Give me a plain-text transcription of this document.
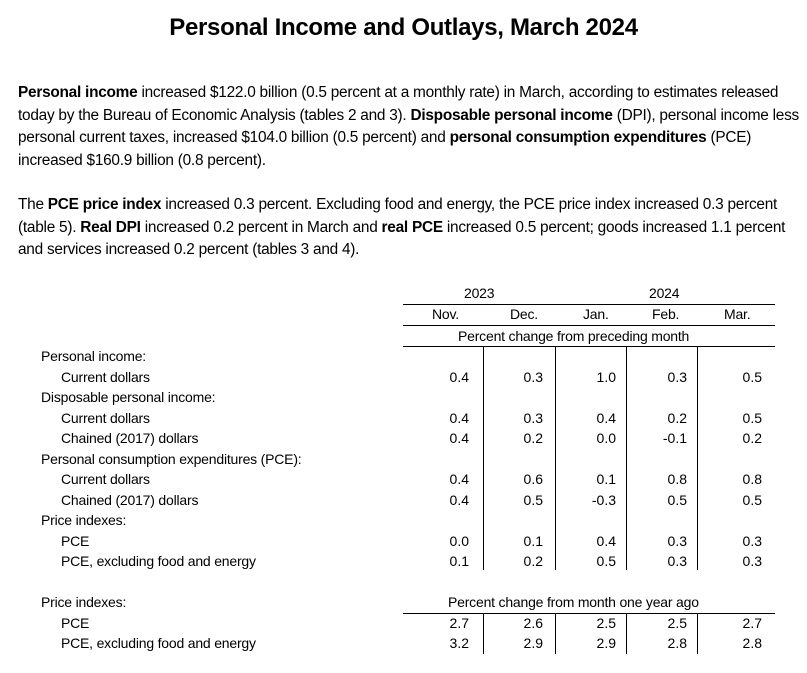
Personal Income and Outlays, March 2024
Personal income increased $122.0 billion (0.5 percent at a monthly rate) in March, according to estimates released today by the Bureau of Economic Analysis (tables 2 and 3). Disposable personal income (DPI), personal income less personal current taxes, increased $104.0 billion (0.5 percent) and personal consumption expenditures (PCE) increased $160.9 billion (0.8 percent).
The PCE price index increased 0.3 percent. Excluding food and energy, the PCE price index increased 0.3 percent (table 5). Real DPI increased 0.2 percent in March and real PCE increased 0.5 percent; goods increased 1.1 percent and services increased 0.2 percent (tables 3 and 4).
2023	2024
Nov.	Dec.	Jan.	Feb.	Mar.
Percent change from preceding month
Personal income:
Current dollars	0.4	0.3	1.0	0.3	0.5
Disposable personal income:
Current dollars	0.4	0.3	0.4	0.2	0.5
Chained (2017) dollars	0.4	0.2	0.0	-0.1	0.2
Personal consumption expenditures (PCE):
Current dollars	0.4	0.6	0.1	0.8	0.8
Chained (2017) dollars	0.4	0.5	-0.3	0.5	0.5
Price indexes:
PCE	0.0	0.1	0.4	0.3	0.3
PCE, excluding food and energy	0.1	0.2	0.5	0.3	0.3
Percent change from month one year ago
Price indexes:
PCE	2.7	2.6	2.5	2.5	2.7
PCE, excluding food and energy	3.2	2.9	2.9	2.8	2.8
